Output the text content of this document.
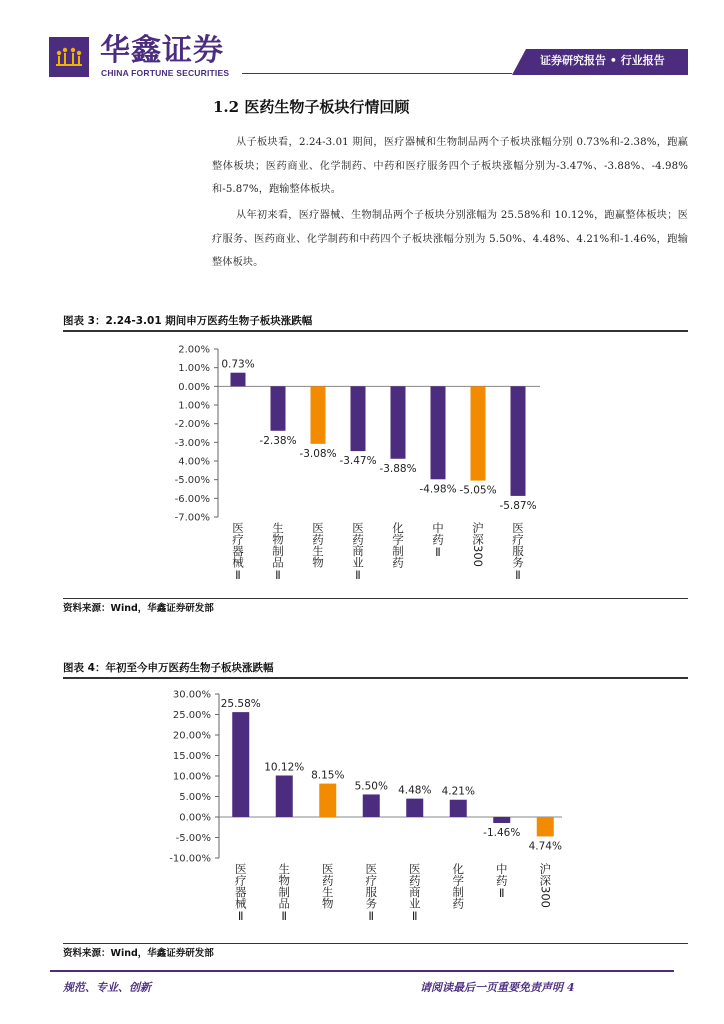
华鑫证券
CHINA FORTUNE SECURITIES
证券研究报告 • 行业报告
1.2 医药生物子板块行情回顾

从子板块看，2.24-3.01 期间，医疗器械和生物制品两个子板块涨幅分别 0.73%和-2.38%，跑赢整体板块；医药商业、化学制药、中药和医疗服务四个子板块涨幅分别为-3.47%、-3.88%、-4.98%和-5.87%，跑输整体板块。

从年初来看，医疗器械、生物制品两个子板块分别涨幅为 25.58%和 10.12%，跑赢整体板块；医疗服务、医药商业、化学制药和中药四个子板块涨幅分别为 5.50%、4.48%、4.21%和-1.46%，跑输整体板块。

图表 3：2.24-3.01 期间申万医药生物子板块涨跌幅
2.00%
1.00%
0.00%
1.00%
-2.00%
-3.00%
4.00%
-5.00%
-6.00%
-7.00%
0.73%
医疗器械Ⅱ
-2.38%
生物制品Ⅱ
-3.08%
医药生物
-3.47%
医药商业Ⅱ
-3.88%
化学制药
-4.98%
中药Ⅱ
-5.05%
沪深300
-5.87%
医疗服务Ⅱ
资料来源：Wind，华鑫证券研发部
图表 4：年初至今申万医药生物子板块涨跌幅
30.00%
25.00%
20.00%
15.00%
10.00%
5.00%
0.00%
-5.00%
-10.00%
25.58%
医疗器械Ⅱ
10.12%
生物制品Ⅱ
8.15%
医药生物
5.50%
医疗服务Ⅱ
4.48%
医药商业Ⅱ
4.21%
化学制药
-1.46%
中药Ⅱ
4.74%
沪深300
资料来源：Wind，华鑫证券研发部
规范、专业、创新	请阅读最后一页重要免责声明 4
